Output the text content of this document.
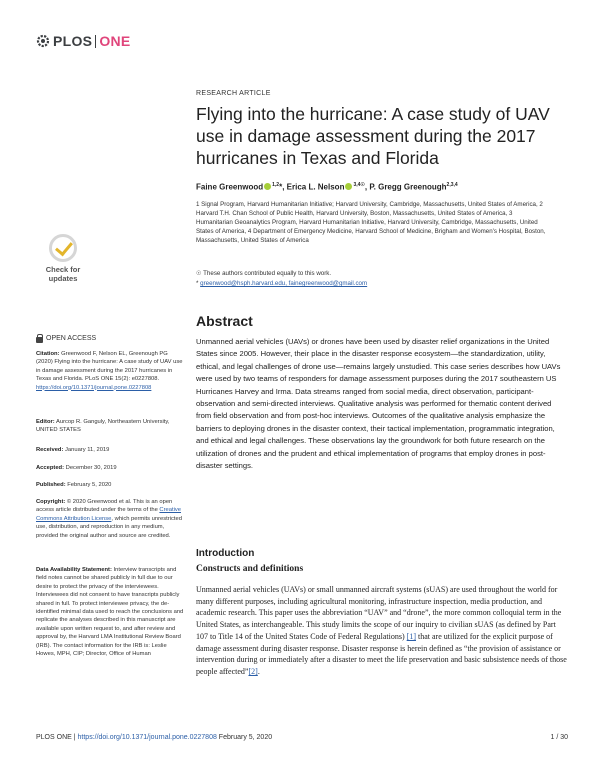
PLOS ONE
RESEARCH ARTICLE
Flying into the hurricane: A case study of UAV use in damage assessment during the 2017 hurricanes in Texas and Florida
Faine Greenwood $^{1,2}$*, Erica L. Nelson $^{3,4☉}$, P. Gregg Greenough$^{2,3,4}$
1 Signal Program, Harvard Humanitarian Initiative; Harvard University, Cambridge, Massachusetts, United States of America, 2 Harvard T.H. Chan School of Public Health, Harvard University, Boston, Massachusetts, United States of America, 3 Humanitarian Geoanalytics Program, Harvard Humanitarian Initiative, Harvard University, Cambridge, Massachusetts, United States of America, 4 Department of Emergency Medicine, Harvard School of Medicine, Brigham and Women's Hospital, Boston, Massachusetts, United States of America
☉ These authors contributed equally to this work.
* greenwood@hsph.harvard.edu, fainegreenwood@gmail.com
Abstract

Unmanned aerial vehicles (UAVs) or drones have been used by disaster relief organizations in the United States since 2005. However, their place in the disaster response ecosystem—the standardization, utility, ethical, and legal challenges of drone use—remains largely unstudied. This case series describes how UAVs were used by two teams of responders for damage assessment purposes during the 2017 southeastern US Hurricanes Harvey and Irma. Data streams ranged from social media, direct observation, participant-observation and semi-directed interviews. Qualitative analysis was performed for thematic content derived from field observation and from post-hoc interviews. Outcomes of the qualitative analysis emphasize the barriers to deploying drones in the disaster context, their tactical implementation, programmatic integration, and ethical and legal challenges. These observations lay the groundwork for both future research on the utilization of drones and the prudent and ethical implementation of programs that employ drones in post-disaster settings.

Introduction
Constructs and definitions

Unmanned aerial vehicles (UAVs) or small unmanned aircraft systems (sUAS) are used throughout the world for many different purposes, including agricultural monitoring, infrastructure inspection, media production, and academic research. This paper uses the abbreviation “UAV” and “drone”, the more common colloquial term in the United States, as interchangeable. This study limits the scope of our inquiry to civilian sUAS (as defined by Part 107 to Title 14 of the United States Code of Federal Regulations) [1] that are utilized for the explicit purpose of damage assessment during disaster response. Disaster response is herein defined as “the provision of assistance or intervention during or immediately after a disaster to meet the life preservation and basic subsistence needs of those people affected”[2].

Check for
updates
OPEN ACCESS
Citation: Greenwood F, Nelson EL, Greenough PG (2020) Flying into the hurricane: A case study of UAV use in damage assessment during the 2017 hurricanes in Texas and Florida. PLoS ONE 15(2): e0227808. https://doi.org/10.1371/journal.pone.0227808
Editor: Aurcop R. Ganguly, Northeastern University, UNITED STATES
Received: January 11, 2019
Accepted: December 30, 2019
Published: February 5, 2020
Copyright: © 2020 Greenwood et al. This is an open access article distributed under the terms of the Creative Commons Attribution License, which permits unrestricted use, distribution, and reproduction in any medium, provided the original author and source are credited.
Data Availability Statement: Interview transcripts and field notes cannot be shared publicly in full due to our desire to protect the privacy of the interviewees. Interviewees did not consent to have transcripts publicly shared in full. To protect interviewee privacy, the de-identified minimal data used to reach the conclusions and replicate the analyses described in this manuscript are available upon written request to, and after review and approval by, the Harvard LMA Institutional Review Board (IRB). The contact information for the IRB is: Leslie Howes, MPH, CIP; Director, Office of Human
PLOS ONE | https://doi.org/10.1371/journal.pone.0227808 February 5, 2020	1 / 30
